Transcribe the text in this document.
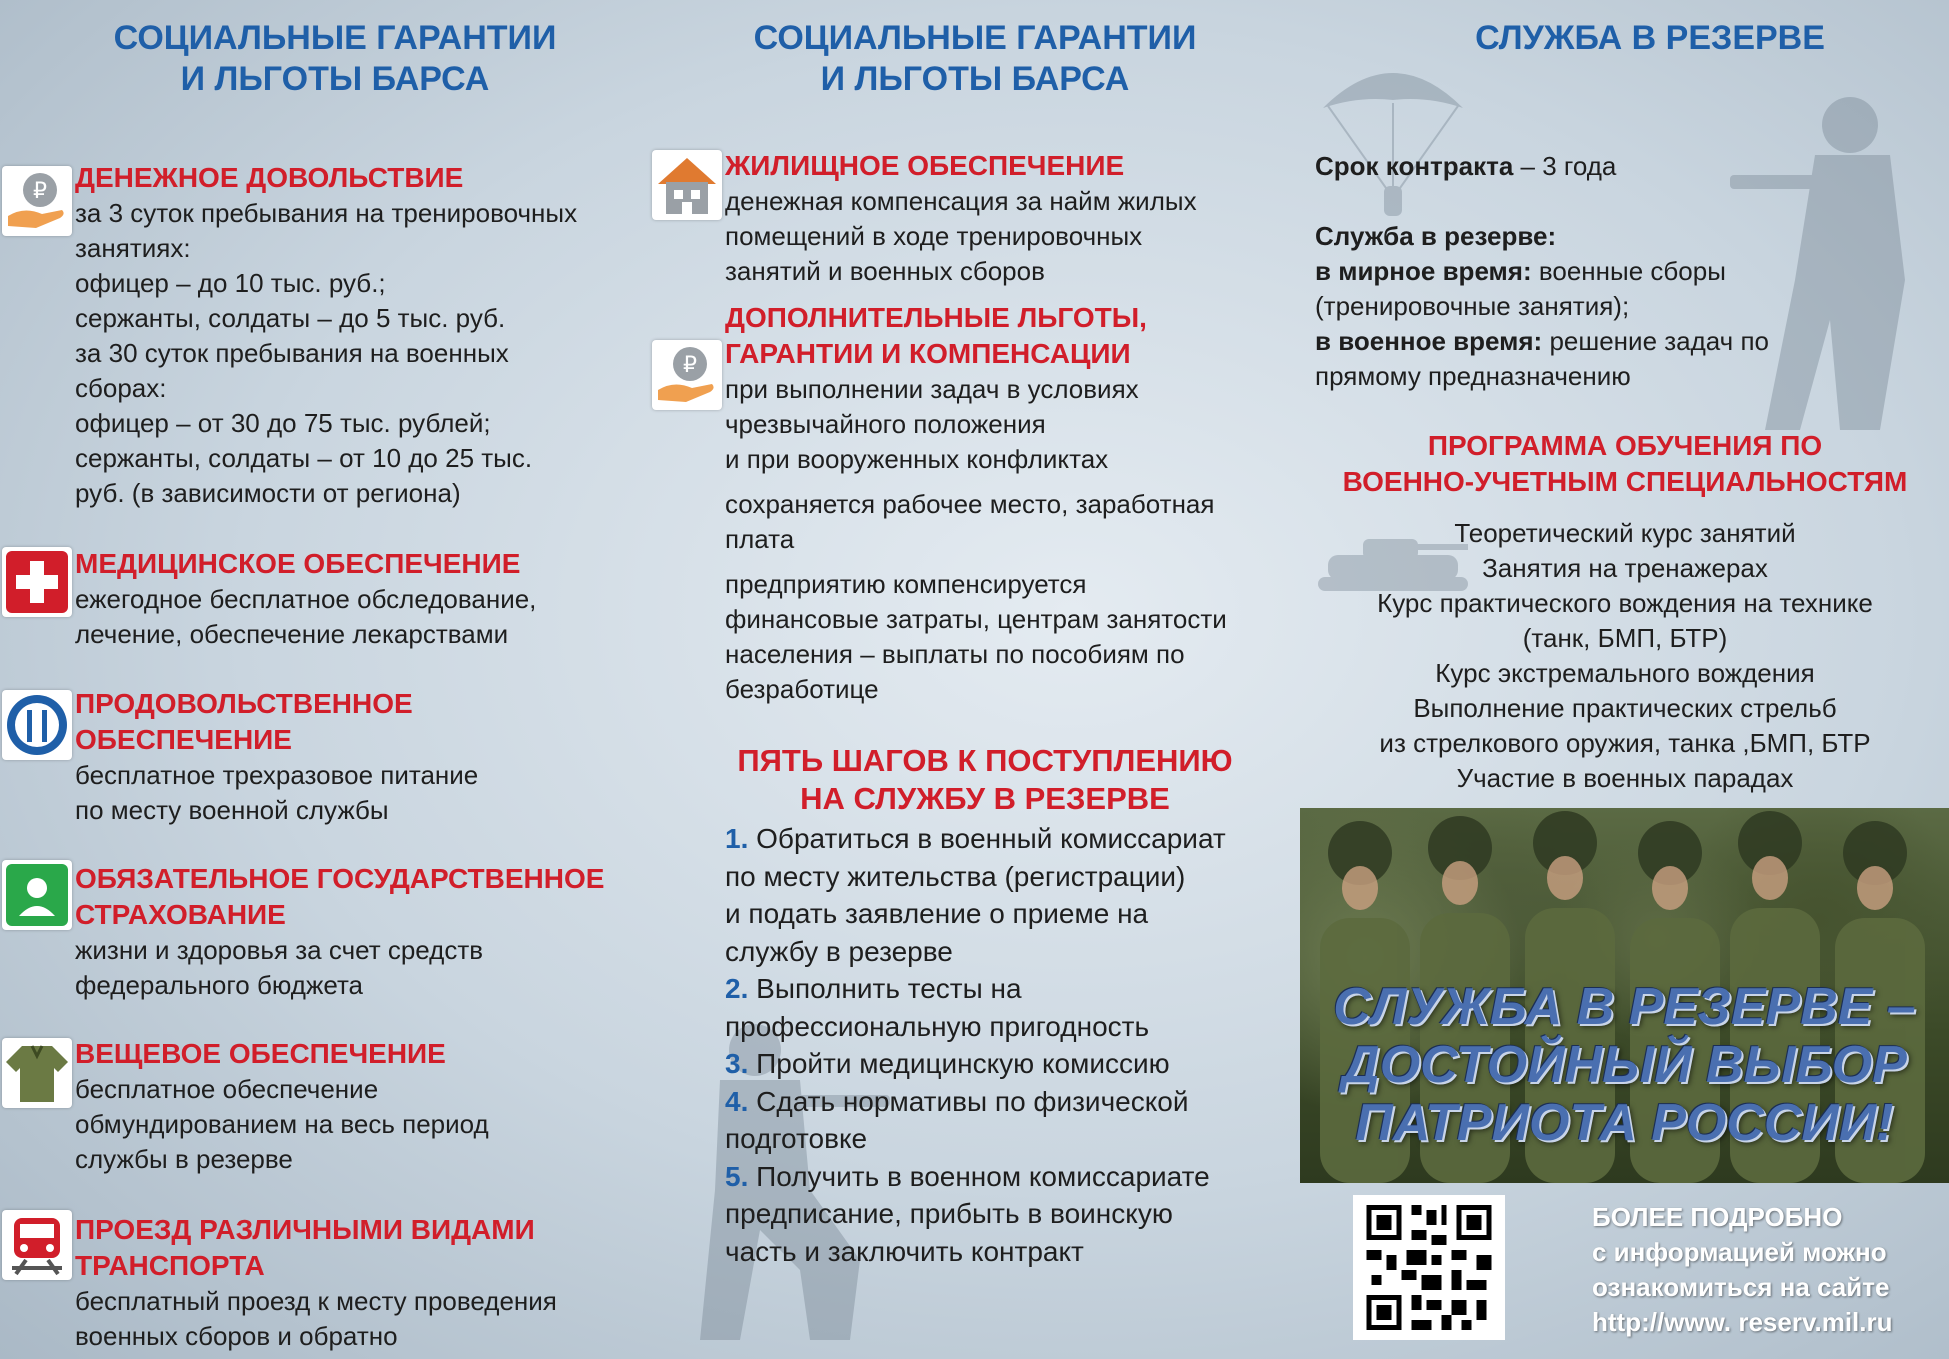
СОЦИАЛЬНЫЕ ГАРАНТИИ
И ЛЬГОТЫ БАРСА
₽ ДЕНЕЖНОЕ ДОВОЛЬСТВИЕ
за 3 суток пребывания на тренировочных
занятиях:
офицер – до 10 тыс. руб.;
сержанты, солдаты – до 5 тыс. руб.
за 30 суток пребывания на военных
сборах:
офицер – от 30 до 75 тыс. рублей;
сержанты, солдаты – от 10 до 25 тыс.
руб. (в зависимости от региона)
МЕДИЦИНСКОЕ ОБЕСПЕЧЕНИЕ
ежегодное бесплатное обследование,
лечение, обеспечение лекарствами
ПРОДОВОЛЬСТВЕННОЕ
ОБЕСПЕЧЕНИЕ
бесплатное трехразовое питание
по месту военной службы
ОБЯЗАТЕЛЬНОЕ ГОСУДАРСТВЕННОЕ
СТРАХОВАНИЕ
жизни и здоровья за счет средств
федерального бюджета
ВЕЩЕВОЕ ОБЕСПЕЧЕНИЕ
бесплатное обеспечение
обмундированием на весь период
службы в резерве
ПРОЕЗД РАЗЛИЧНЫМИ ВИДАМИ
ТРАНСПОРТА
бесплатный проезд к месту проведения
военных сборов и обратно
СОЦИАЛЬНЫЕ ГАРАНТИИ
И ЛЬГОТЫ БАРСА
ЖИЛИЩНОЕ ОБЕСПЕЧЕНИЕ
денежная компенсация за найм жилых
помещений в ходе тренировочных
занятий и военных сборов
₽
ДОПОЛНИТЕЛЬНЫЕ ЛЬГОТЫ,
ГАРАНТИИ И КОМПЕНСАЦИИ
при выполнении задач в условиях
чрезвычайного положения
и при вооруженных конфликтах
сохраняется рабочее место, заработная
плата
предприятию компенсируется
финансовые затраты, центрам занятости
населения – выплаты по пособиям по
безработице
ПЯТЬ ШАГОВ К ПОСТУПЛЕНИЮ
НА СЛУЖБУ В РЕЗЕРВЕ
1. Обратиться в военный комиссариат
по месту жительства (регистрации)
и подать заявление о приеме на
службу в резерве
2. Выполнить тесты на
профессиональную пригодность
3. Пройти медицинскую комиссию
4. Сдать нормативы по физической
подготовке
5. Получить в военном комиссариате
предписание, прибыть в воинскую
часть и заключить контракт
СЛУЖБА В РЕЗЕРВЕ
Срок контракта – 3 года
Служба в резерве:
в мирное время: военные сборы
(тренировочные занятия);
в военное время: решение задач по
прямому предназначению
ПРОГРАММА ОБУЧЕНИЯ ПО
ВОЕННО-УЧЕТНЫМ СПЕЦИАЛЬНОСТЯМ
Теоретический курс занятий
Занятия на тренажерах
Курс практического вождения на технике
(танк, БМП, БТР)
Курс экстремального вождения
Выполнение практических стрельб
из стрелкового оружия, танка ,БМП, БТР
Участие в военных парадах
СЛУЖБА В РЕЗЕРВЕ –
ДОСТОЙНЫЙ ВЫБОР
ПАТРИОТА РОССИИ!
БОЛЕЕ ПОДРОБНО
с информацией можно
ознакомиться на сайте
http://www. reserv.mil.ru
